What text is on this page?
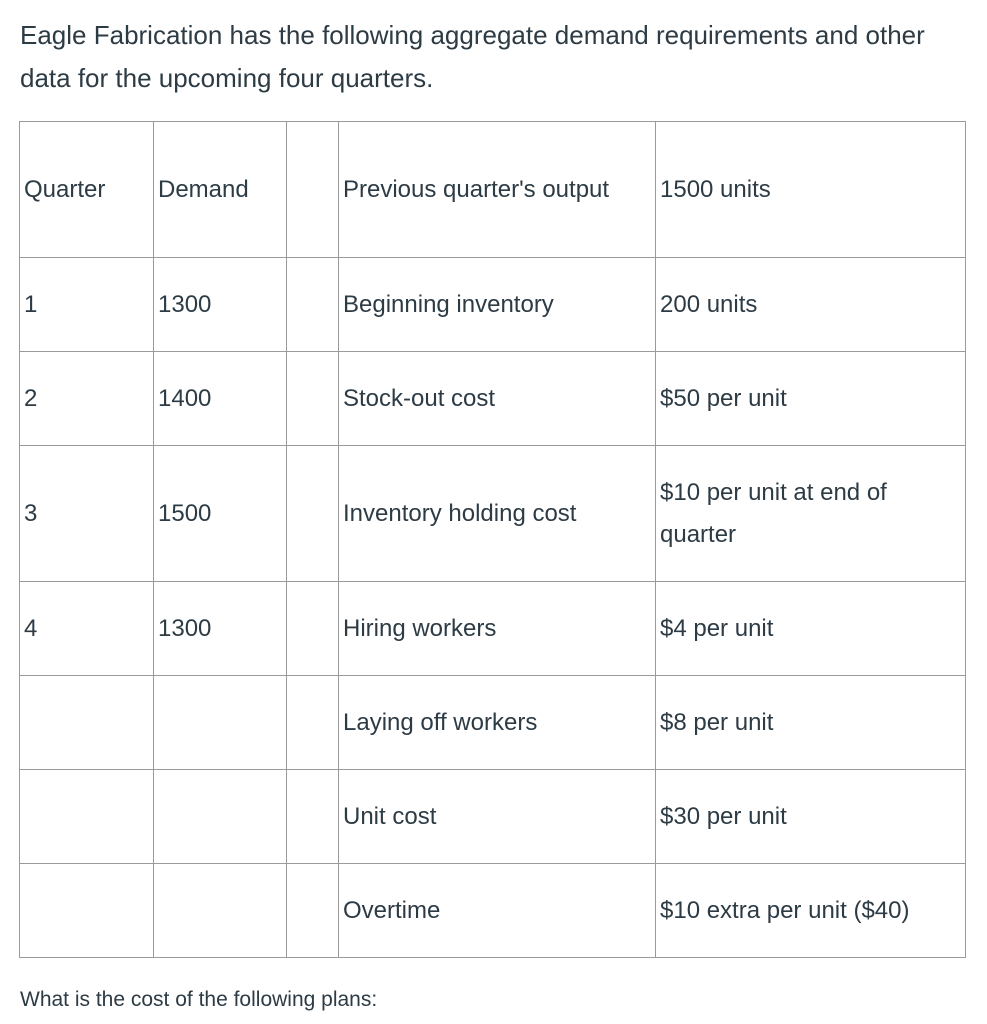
Eagle Fabrication has the following aggregate demand requirements and other data for the upcoming four quarters.

Quarter	Demand		Previous quarter's output	1500 units
1	1300		Beginning inventory	200 units
2	1400		Stock-out cost	$50 per unit
3	1500		Inventory holding cost	$10 per unit at end of quarter
4	1300		Hiring workers	$4 per unit
			Laying off workers	$8 per unit
			Unit cost	$30 per unit
			Overtime	$10 extra per unit ($40)

What is the cost of the following plans:
